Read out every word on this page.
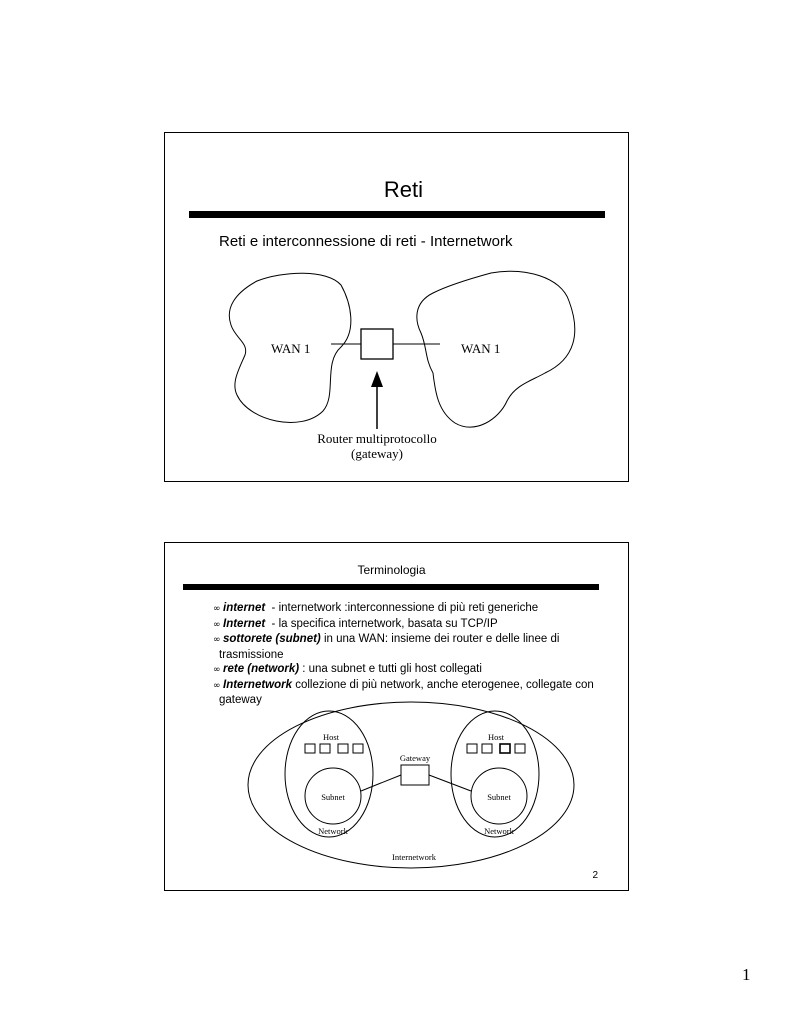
Reti
Reti e interconnessione di reti - Internetwork
WAN 1	WAN 1
Router multiprotocollo
(gateway)
Terminologia
∞ internet  - internetwork :interconnessione di più reti generiche
∞ Internet  - la specifica internetwork, basata su TCP/IP
∞ sottorete (subnet) in una WAN: insieme dei router e delle linee di
trasmissione
∞ rete (network) : una subnet e tutti gli host collegati
∞ Internetwork collezione di più network, anche eterogenee, collegate con
gateway
Host	Host
Gateway
Subnet	Subnet
Network	Network
Internetwork
2
1
